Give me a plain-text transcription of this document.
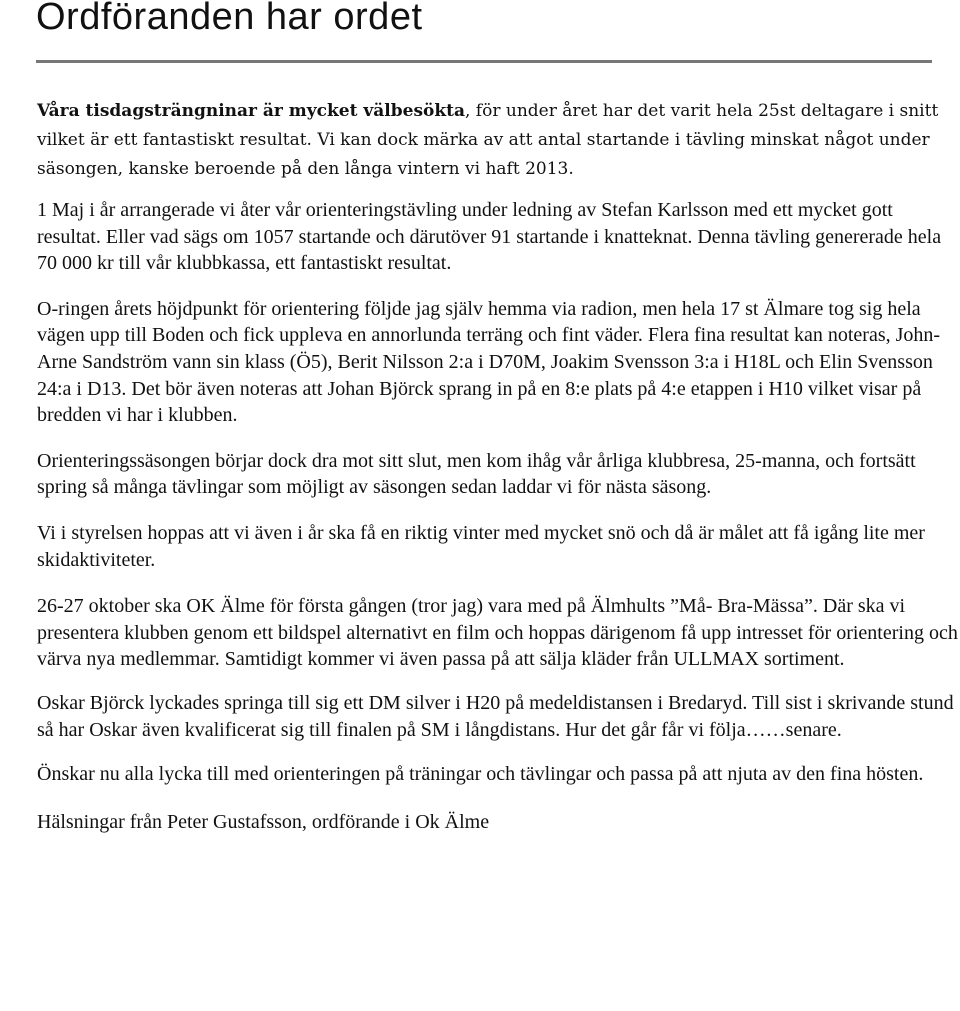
Ordföranden har ordet

Våra tisdagsträngninar är mycket välbesökta, för under året har det varit hela 25st deltagare i snitt vilket är ett fantastiskt resultat. Vi kan dock märka av att antal startande i tävling minskat något under säsongen, kanske beroende på den långa vintern vi haft 2013.

1 Maj i år arrangerade vi åter vår orienteringstävling under ledning av Stefan Karlsson med ett mycket gott resultat. Eller vad sägs om 1057 startande och därutöver 91 startande i knatteknat. Denna tävling genererade hela 70 000 kr till vår klubbkassa, ett fantastiskt resultat.

O-ringen årets höjdpunkt för orientering följde jag själv hemma via radion, men hela 17 st Älmare tog sig hela vägen upp till Boden och fick uppleva en annorlunda terräng och fint väder. Flera fina resultat kan noteras, John-Arne Sandström vann sin klass (Ö5), Berit Nilsson 2:a i D70M, Joakim Svensson 3:a i H18L och Elin Svensson 24:a i D13. Det bör även noteras att Johan Björck sprang in på en 8:e plats på 4:e etappen i H10 vilket visar på bredden vi har i klubben.

Orienteringssäsongen börjar dock dra mot sitt slut, men kom ihåg vår årliga klubbresa, 25-manna, och fortsätt spring så många tävlingar som möjligt av säsongen sedan laddar vi för nästa säsong.

Vi i styrelsen hoppas att vi även i år ska få en riktig vinter med mycket snö och då är målet att få igång lite mer skidaktiviteter.

26-27 oktober ska OK Älme för första gången (tror jag) vara med på Älmhults ”Må- Bra-Mässa”. Där ska vi presentera klubben genom ett bildspel alternativt en film och hoppas därigenom få upp intresset för orientering och värva nya medlemmar. Samtidigt kommer vi även passa på att sälja kläder från ULLMAX sortiment.

Oskar Björck lyckades springa till sig ett DM silver i H20 på medeldistansen i Bredaryd. Till sist i skrivande stund så har Oskar även kvalificerat sig till finalen på SM i långdistans. Hur det går får vi följa……senare.

Önskar nu alla lycka till med orienteringen på träningar och tävlingar och passa på att njuta av den fina hösten.

Hälsningar från Peter Gustafsson, ordförande i Ok Älme
